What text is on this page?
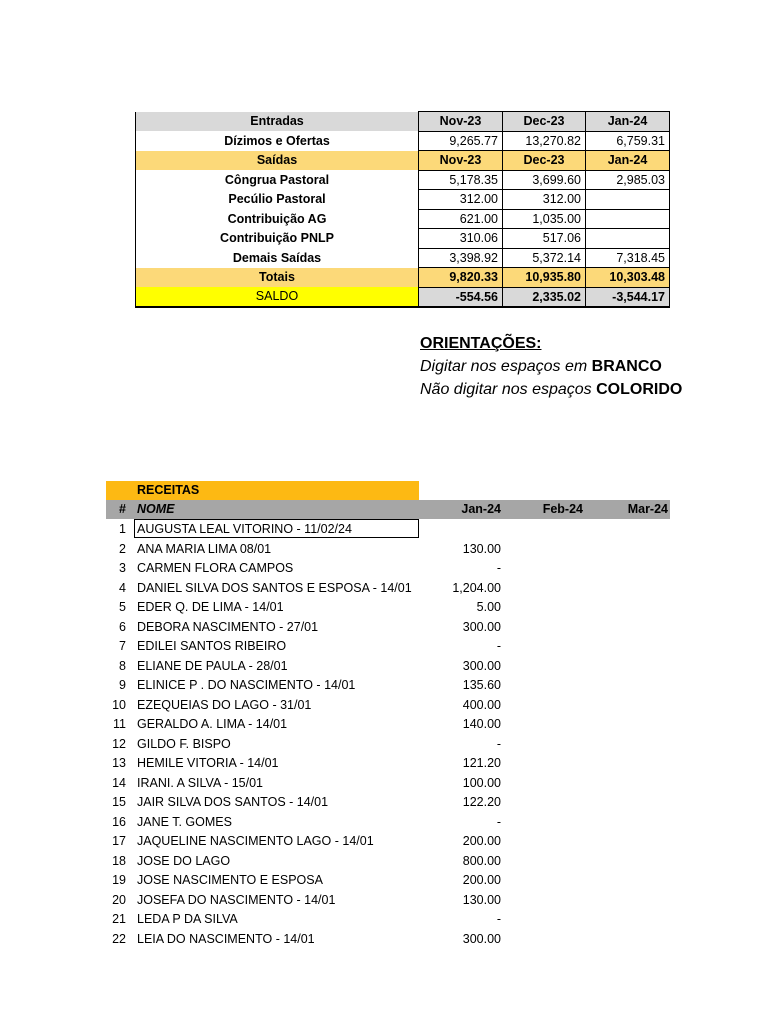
Entradas	Nov-23	Dec-23	Jan-24
Dízimos e Ofertas	9,265.77	13,270.82	6,759.31
Saídas	Nov-23	Dec-23	Jan-24
Côngrua Pastoral	5,178.35	3,699.60	2,985.03
Pecúlio Pastoral	312.00	312.00	
Contribuição AG	621.00	1,035.00	
Contribuição PNLP	310.06	517.06	
Demais Saídas	3,398.92	5,372.14	7,318.45
Totais	9,820.33	10,935.80	10,303.48
SALDO	-554.56	2,335.02	-3,544.17
ORIENTAÇÕES:
Digitar nos espaços em BRANCO
Não digitar nos espaços COLORIDO
RECEITAS
# NOME	Jan-24	Feb-24	Mar-24
1 AUGUSTA LEAL VITORINO - 11/02/24
2 ANA MARIA LIMA 08/01	130.00
3 CARMEN FLORA CAMPOS	-
4 DANIEL SILVA DOS SANTOS E ESPOSA - 14/01	1,204.00
5 EDER Q. DE LIMA - 14/01	5.00
6 DEBORA NASCIMENTO - 27/01	300.00
7 EDILEI SANTOS RIBEIRO	-
8 ELIANE DE PAULA - 28/01	300.00
9 ELINICE P . DO NASCIMENTO - 14/01	135.60
10 EZEQUEIAS DO LAGO - 31/01	400.00
11 GERALDO A. LIMA - 14/01	140.00
12 GILDO F. BISPO	-
13 HEMILE VITORIA - 14/01	121.20
14 IRANI. A SILVA - 15/01	100.00
15 JAIR SILVA DOS SANTOS - 14/01	122.20
16 JANE T. GOMES	-
17 JAQUELINE NASCIMENTO LAGO - 14/01	200.00
18 JOSE DO LAGO	800.00
19 JOSE NASCIMENTO E ESPOSA	200.00
20 JOSEFA DO NASCIMENTO - 14/01	130.00
21 LEDA P DA SILVA	-
22 LEIA DO NASCIMENTO - 14/01	300.00
